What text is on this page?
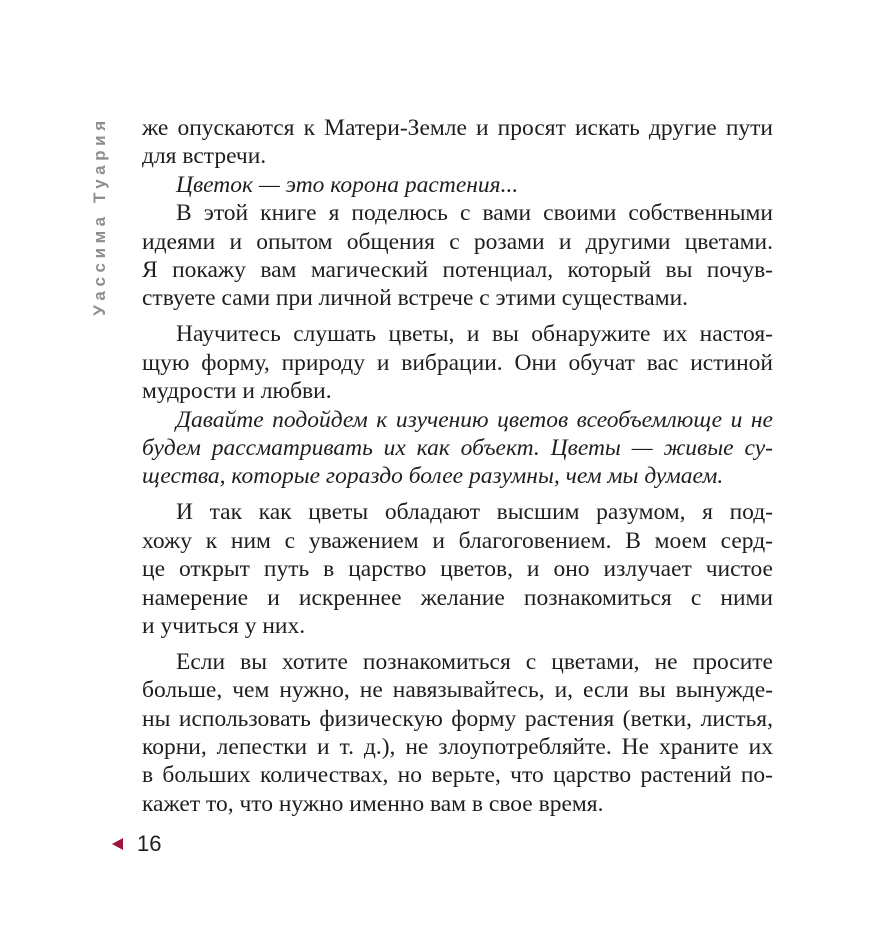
Уассима Туария же опускаются к Матери-Земле и просят искать другие пути

для встречи.

Цветок — это корона растения...

В этой книге я поделюсь с вами своими собственными

идеями и опытом общения с розами и другими цветами.

Я покажу вам магический потенциал, который вы почув-

ствуете сами при личной встрече с этими существами.

Научитесь слушать цветы, и вы обнаружите их настоя-

щую форму, природу и вибрации. Они обучат вас истиной

мудрости и любви.

Давайте подойдем к изучению цветов всеобъемлюще и не

будем рассматривать их как объект. Цветы — живые су-

щества, которые гораздо более разумны, чем мы думаем.

И так как цветы обладают высшим разумом, я под-

хожу к ним с уважением и благоговением. В моем серд-

це открыт путь в царство цветов, и оно излучает чистое

намерение и искреннее желание познакомиться с ними

и учиться у них.

Если вы хотите познакомиться с цветами, не просите

больше, чем нужно, не навязывайтесь, и, если вы вынужде-

ны использовать физическую форму растения (ветки, листья,

корни, лепестки и т. д.), не злоупотребляйте. Не храните их

в больших количествах, но верьте, что царство растений по-

кажет то, что нужно именно вам в свое время.

16
